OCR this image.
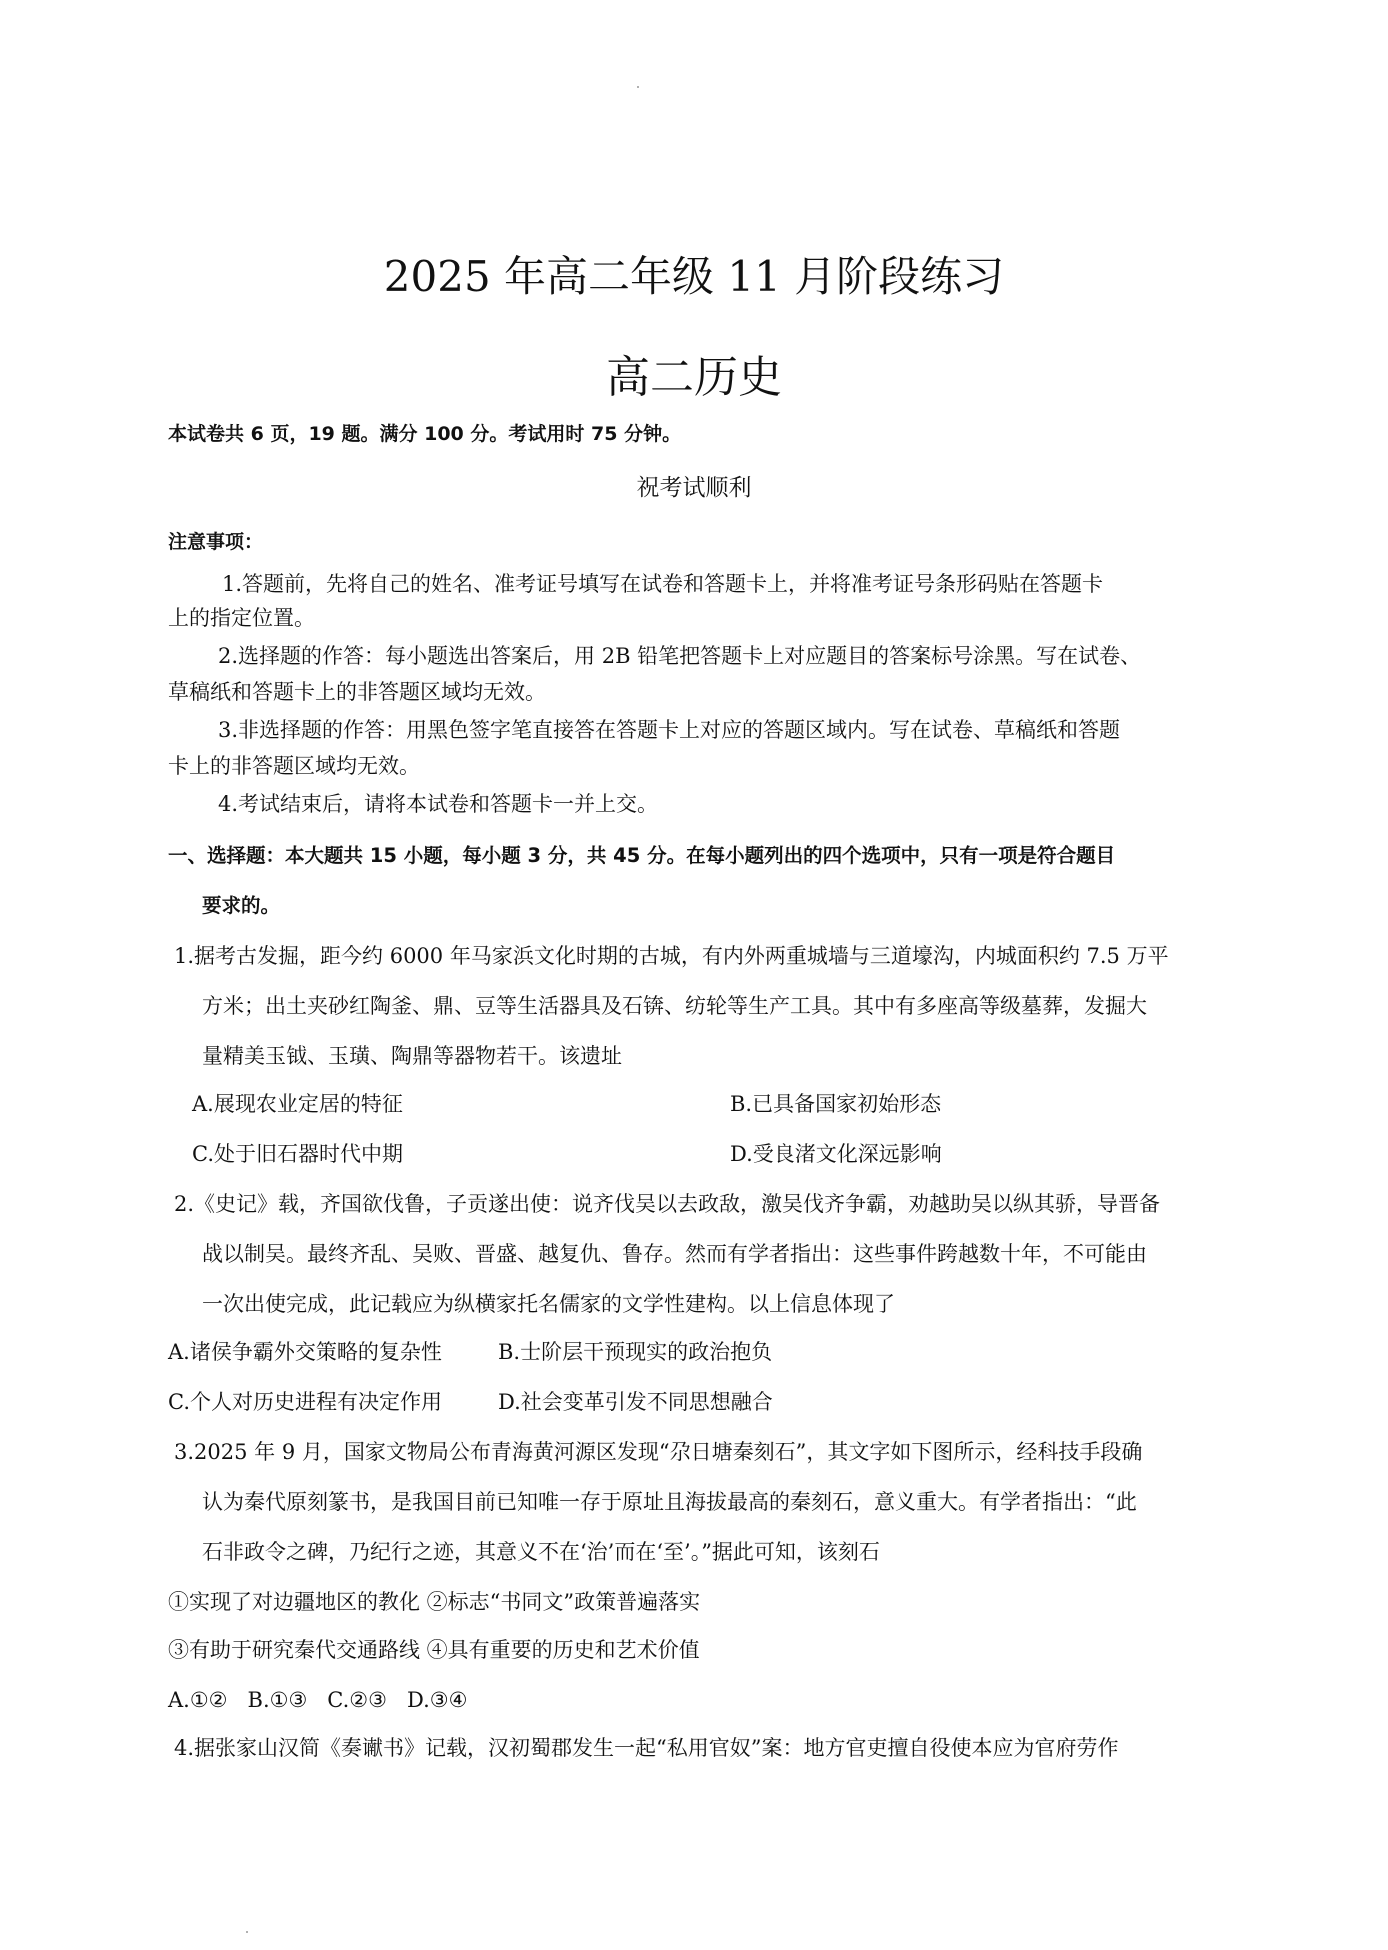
2025 年高二年级 11 月阶段练习
高二历史
本试卷共 6 页，19 题。满分 100 分。考试用时 75 分钟。
祝考试顺利
注意事项：
1.答题前，先将自己的姓名、准考证号填写在试卷和答题卡上，并将准考证号条形码贴在答题卡
上的指定位置。
2.选择题的作答：每小题选出答案后，用 2B 铅笔把答题卡上对应题目的答案标号涂黑。写在试卷、
草稿纸和答题卡上的非答题区域均无效。
3.非选择题的作答：用黑色签字笔直接答在答题卡上对应的答题区域内。写在试卷、草稿纸和答题
卡上的非答题区域均无效。
4.考试结束后，请将本试卷和答题卡一并上交。
一、选择题：本大题共 15 小题，每小题 3 分，共 45 分。在每小题列出的四个选项中，只有一项是符合题目
要求的。
1.据考古发掘，距今约 6000 年马家浜文化时期的古城，有内外两重城墙与三道壕沟，内城面积约 7.5 万平
方米；出土夹砂红陶釜、鼎、豆等生活器具及石锛、纺轮等生产工具。其中有多座高等级墓葬，发掘大
量精美玉钺、玉璜、陶鼎等器物若干。该遗址
A.展现农业定居的特征	B.已具备国家初始形态
C.处于旧石器时代中期	D.受良渚文化深远影响
2.《史记》载，齐国欲伐鲁，子贡遂出使：说齐伐吴以去政敌，激吴伐齐争霸，劝越助吴以纵其骄，导晋备
战以制吴。最终齐乱、吴败、晋盛、越复仇、鲁存。然而有学者指出：这些事件跨越数十年，不可能由
一次出使完成，此记载应为纵横家托名儒家的文学性建构。以上信息体现了
A.诸侯争霸外交策略的复杂性	B.士阶层干预现实的政治抱负
C.个人对历史进程有决定作用	D.社会变革引发不同思想融合
3.2025 年 9 月，国家文物局公布青海黄河源区发现“尕日塘秦刻石”，其文字如下图所示，经科技手段确
认为秦代原刻篆书，是我国目前已知唯一存于原址且海拔最高的秦刻石，意义重大。有学者指出：“此
石非政令之碑，乃纪行之迹，其意义不在‘治’而在‘至’。”据此可知，该刻石
①实现了对边疆地区的教化 ②标志“书同文”政策普遍落实
③有助于研究秦代交通路线 ④具有重要的历史和艺术价值
A.①②   B.①③   C.②③   D.③④
4.据张家山汉简《奏谳书》记载，汉初蜀郡发生一起“私用官奴”案：地方官吏擅自役使本应为官府劳作
